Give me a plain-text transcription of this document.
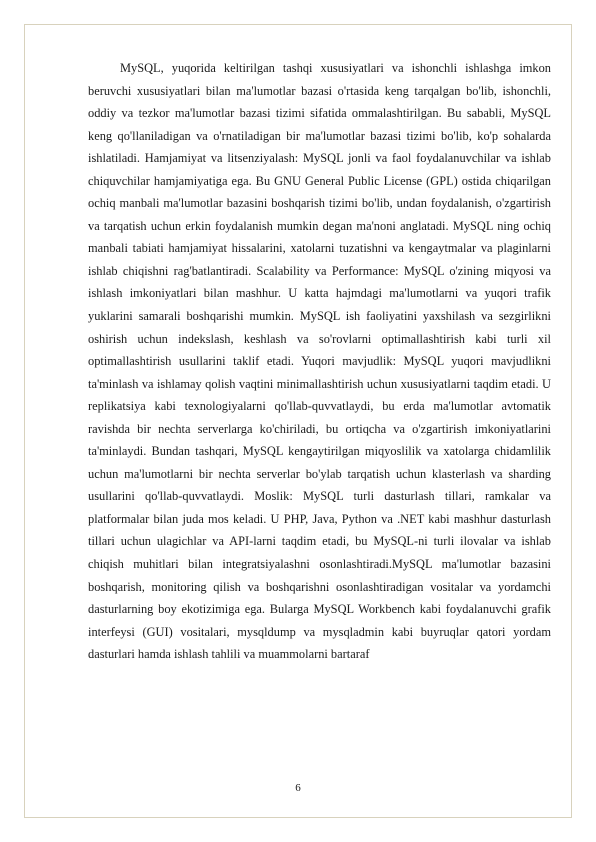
MySQL, yuqorida keltirilgan tashqi xususiyatlari va ishonchli ishlashga imkon beruvchi xususiyatlari bilan ma'lumotlar bazasi o'rtasida keng tarqalgan bo'lib, ishonchli, oddiy va tezkor ma'lumotlar bazasi tizimi sifatida ommalashtirilgan. Bu sababli, MySQL keng qo'llaniladigan va o'rnatiladigan bir ma'lumotlar bazasi tizimi bo'lib, ko'p sohalarda ishlatiladi. Hamjamiyat va litsenziyalash: MySQL jonli va faol foydalanuvchilar va ishlab chiquvchilar hamjamiyatiga ega. Bu GNU General Public License (GPL) ostida chiqarilgan ochiq manbali ma'lumotlar bazasini boshqarish tizimi bo'lib, undan foydalanish, o'zgartirish va tarqatish uchun erkin foydalanish mumkin degan ma'noni anglatadi. MySQL ning ochiq manbali tabiati hamjamiyat hissalarini, xatolarni tuzatishni va kengaytmalar va plaginlarni ishlab chiqishni rag'batlantiradi. Scalability va Performance: MySQL o'zining miqyosi va ishlash imkoniyatlari bilan mashhur. U katta hajmdagi ma'lumotlarni va yuqori trafik yuklarini samarali boshqarishi mumkin. MySQL ish faoliyatini yaxshilash va sezgirlikni oshirish uchun indekslash, keshlash va so'rovlarni optimallashtirish kabi turli xil optimallashtirish usullarini taklif etadi. Yuqori mavjudlik: MySQL yuqori mavjudlikni ta'minlash va ishlamay qolish vaqtini minimallashtirish uchun xususiyatlarni taqdim etadi. U replikatsiya kabi texnologiyalarni qo'llab-quvvatlaydi, bu erda ma'lumotlar avtomatik ravishda bir nechta serverlarga ko'chiriladi, bu ortiqcha va o'zgartirish imkoniyatlarini ta'minlaydi. Bundan tashqari, MySQL kengaytirilgan miqyoslilik va xatolarga chidamlilik uchun ma'lumotlarni bir nechta serverlar bo'ylab tarqatish uchun klasterlash va sharding usullarini qo'llab-quvvatlaydi. Moslik: MySQL turli dasturlash tillari, ramkalar va platformalar bilan juda mos keladi. U PHP, Java, Python va .NET kabi mashhur dasturlash tillari uchun ulagichlar va API-larni taqdim etadi, bu MySQL-ni turli ilovalar va ishlab chiqish muhitlari bilan integratsiyalashni osonlashtiradi.MySQL ma'lumotlar bazasini boshqarish, monitoring qilish va boshqarishni osonlashtiradigan vositalar va yordamchi dasturlarning boy ekotizimiga ega. Bularga MySQL Workbench kabi foydalanuvchi grafik interfeysi (GUI) vositalari, mysqldump va mysqladmin kabi buyruqlar qatori yordam dasturlari hamda ishlash tahlili va muammolarni bartaraf

6
